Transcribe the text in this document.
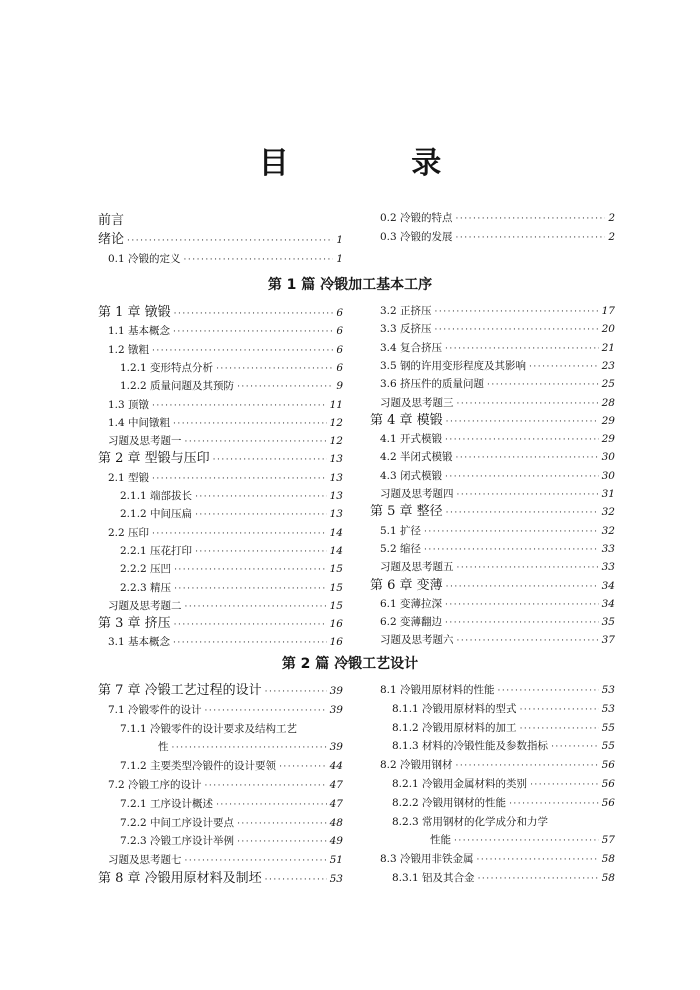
目 录
前言
绪论 ·····	1
0.1 冷锻的定义 ·····	1
0.2 冷锻的特点 ·····	2
0.3 冷锻的发展 ·····	2
第 1 篇 冷锻加工基本工序
第 1 章 镦锻 ·····	6
1.1 基本概念 ·····	6
1.2 镦粗 ·····	6
1.2.1 变形特点分析 ·····	6
1.2.2 质量问题及其预防 ·····	9
1.3 顶镦 ·····	11
1.4 中间镦粗 ·····	12
习题及思考题一 ·····	12
第 2 章 型锻与压印 ·····	13
2.1 型锻 ·····	13
2.1.1 端部拔长 ·····	13
2.1.2 中间压扁 ·····	13
2.2 压印 ·····	14
2.2.1 压花打印 ·····	14
2.2.2 压凹 ·····	15
2.2.3 精压 ·····	15
习题及思考题二 ·····	15
第 3 章 挤压 ·····	16
3.1 基本概念 ·····	16
3.2 正挤压 ·····	17
3.3 反挤压 ·····	20
3.4 复合挤压 ·····	21
3.5 钢的许用变形程度及其影响 ·····	23
3.6 挤压件的质量问题 ·····	25
习题及思考题三 ·····	28
第 4 章 模锻 ·····	29
4.1 开式模锻 ·····	29
4.2 半闭式模锻 ·····	30
4.3 闭式模锻 ·····	30
习题及思考题四 ·····	31
第 5 章 整径 ·····	32
5.1 扩径 ·····	32
5.2 缩径 ·····	33
习题及思考题五 ·····	33
第 6 章 变薄 ·····	34
6.1 变薄拉深 ·····	34
6.2 变薄翻边 ·····	35
习题及思考题六 ·····	37
第 2 篇 冷锻工艺设计
第 7 章 冷锻工艺过程的设计 ·····	39
7.1 冷锻零件的设计 ·····	39
7.1.1 冷锻零件的设计要求及结构工艺
性 ·····	39
7.1.2 主要类型冷锻件的设计要领 ·····	44
7.2 冷锻工序的设计 ·····	47
7.2.1 工序设计概述 ·····	47
7.2.2 中间工序设计要点 ·····	48
7.2.3 冷锻工序设计举例 ·····	49
习题及思考题七 ·····	51
第 8 章 冷锻用原材料及制坯 ·····	53
8.1 冷锻用原材料的性能 ·····	53
8.1.1 冷锻用原材料的型式 ·····	53
8.1.2 冷锻用原材料的加工 ·····	55
8.1.3 材料的冷锻性能及参数指标 ·····	55
8.2 冷锻用钢材 ·····	56
8.2.1 冷锻用金属材料的类别 ·····	56
8.2.2 冷锻用钢材的性能 ·····	56
8.2.3 常用钢材的化学成分和力学
性能 ·····	57
8.3 冷锻用非铁金属 ·····	58
8.3.1 铝及其合金 ·····	58
